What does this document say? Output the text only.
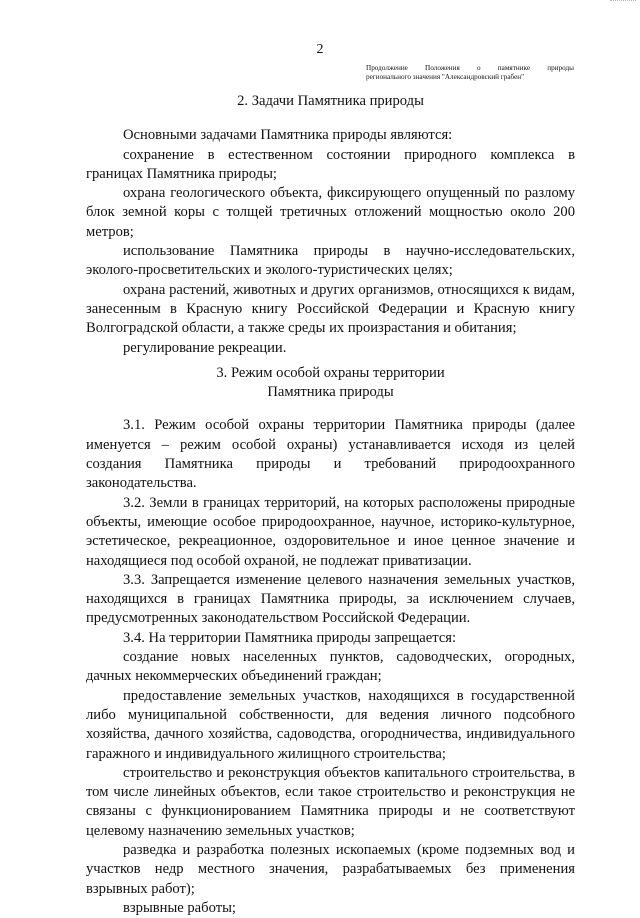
2
Продолжение Положения о памятнике природы
регионального значения "Александровский грабен"
2. Задачи Памятника природы

Основными задачами Памятника природы являются:

сохранение в естественном состоянии природного комплекса в границах Памятника природы;

охрана геологического объекта, фиксирующего опущенный по разлому блок земной коры с толщей третичных отложений мощностью около 200 метров;

использование Памятника природы в научно-исследовательских, эколого-просветительских и эколого-туристических целях;

охрана растений, животных и других организмов, относящихся к видам, занесенным в Красную книгу Российской Федерации и Красную книгу Волгоградской области, а также среды их произрастания и обитания;

регулирование рекреации.

3. Режим особой охраны территории
Памятника природы

3.1. Режим особой охраны территории Памятника природы (далее именуется – режим особой охраны) устанавливается исходя из целей создания Памятника природы и требований природоохранного законодательства.

3.2. Земли в границах территорий, на которых расположены природные объекты, имеющие особое природоохранное, научное, историко-культурное, эстетическое, рекреационное, оздоровительное и иное ценное значение и находящиеся под особой охраной, не подлежат приватизации.

3.3. Запрещается изменение целевого назначения земельных участков, находящихся в границах Памятника природы, за исключением случаев, предусмотренных законодательством Российской Федерации.

3.4. На территории Памятника природы запрещается:

создание новых населенных пунктов, садоводческих, огородных, дачных некоммерческих объединений граждан;

предоставление земельных участков, находящихся в государственной либо муниципальной собственности, для ведения личного подсобного хозяйства, дачного хозяйства, садоводства, огородничества, индивидуального гаражного и индивидуального жилищного строительства;

строительство и реконструкция объектов капитального строительства, в том числе линейных объектов, если такое строительство и реконструкция не связаны с функционированием Памятника природы и не соответствуют целевому назначению земельных участков;

разведка и разработка полезных ископаемых (кроме подземных вод и участков недр местного значения, разрабатываемых без применения взрывных работ);

взрывные работы;
